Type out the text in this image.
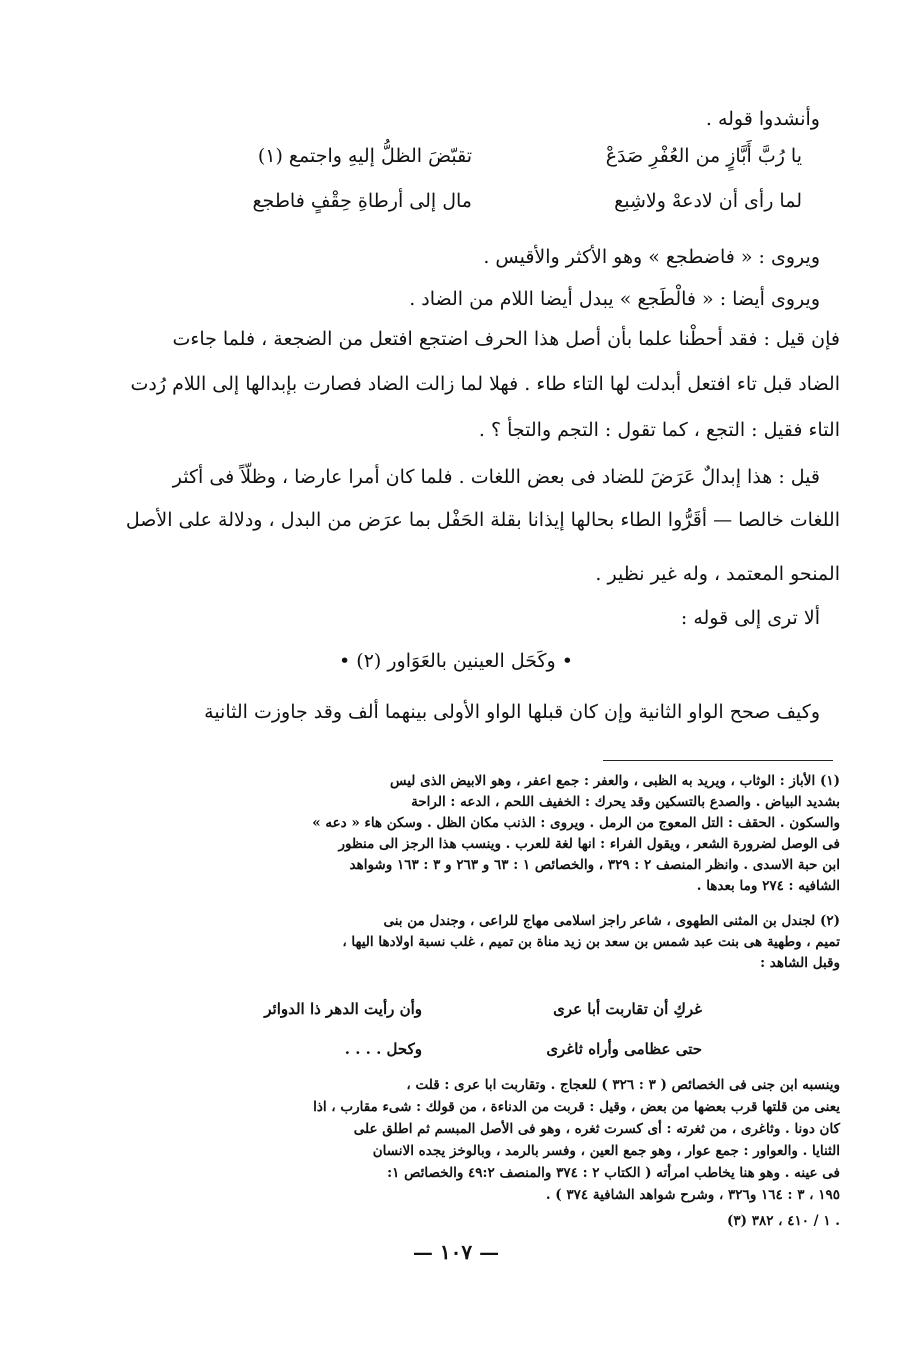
وأنشدوا قوله .
يا رُبَّ أَبَّازٍ من العُفْرِ صَدَعْ
تقبّضَ الظلُّ إليهِ واجتمع (١)
لما رأى أن لادعهْ ولاشِبع
مال إلى أرطاةِ حِقْفٍ فاطجع
ويروى : « فاضطجع » وهو الأكثر والأقيس .
ويروى أيضا : « فالْطَجع » يبدل أيضا اللام من الضاد .
فإن قيل : فقد أحطْنا علما بأن أصل هذا الحرف اضتجع افتعل من الضجعة ، فلما جاءت
الضاد قبل تاء افتعل أبدلت لها التاء طاء . فهلا لما زالت الضاد فصارت بإبدالها إلى اللام رُدت
التاء فقيل : التجع ، كما تقول : التجم والتجأ ؟ .
قيل : هذا إبدالٌ عَرَضَ للضاد فى بعض اللغات . فلما كان أمرا عارضا ، وظلّاً فى أكثر
اللغات خالصا — أقَرُّوا الطاء بحالها إيذانا بقلة الحَفْل بما عرَض من البدل ، ودلالة على الأصل
المنحو المعتمد ، وله غير نظير .
ألا ترى إلى قوله :
• وكَحَل العينين بالعَوَاور (٢) •
وكيف صحح الواو الثانية وإن كان قبلها الواو الأولى بينهما ألف وقد جاوزت الثانية
(١) الأباز : الوثاب ، ويريد به الظبى ، والعفر : جمع اعفر ، وهو الابيض الذى ليس
بشديد البياض . والصدع بالتسكين وقد يحرك : الخفيف اللحم ، الدعه : الراحة
والسكون . الحقف : التل المعوج من الرمل . ويروى : الذنب مكان الظل . وسكن هاء « دعه »
فى الوصل لضرورة الشعر ، ويقول الفراء : انها لغة للعرب . وينسب هذا الرجز الى منظور
ابن حبة الاسدى . وانظر المنصف ٢ : ٣٢٩ ، والخصائص ١ : ٦٣ و ٢٦٣ و ٣ : ١٦٣ وشواهد
الشافيه : ٢٧٤ وما بعدها .
(٢) لجندل بن المثنى الطهوى ، شاعر راجز اسلامى مهاج للراعى ، وجندل من بنى
تميم ، وطهية هى بنت عبد شمس بن سعد بن زيد مناة بن تميم ، غلب نسبة اولادها اليها ،
وقبل الشاهد :
غركِ أن تقاربت أبا عرى
وأن رأيت الدهر ذا الدوائر
حتى عظامى وأراه ثاغرى
وكحل . . . .
وينسبه ابن جنى فى الخصائص ( ٣ : ٣٢٦ ) للعجاج . وتقاربت ابا عرى : قلت ،
يعنى من قلتها قرب بعضها من بعض ، وقيل : قربت من الدناءة ، من قولك : شىء مقارب ، اذا
كان دونا . وثاغرى ، من ثغرته : أى كسرت ثغره ، وهو فى الأصل المبسم ثم اطلق على
الثنايا . والعواور : جمع عوار ، وهو جمع العين ، وفسر بالرمد ، وبالوخز يجده الانسان
فى عينه . وهو هنا يخاطب امرأته ( الكتاب ٢ : ٣٧٤ والمنصف ٤٩:٢ والخصائص ١:
١٩٥ ، ٣ : ١٦٤ و٣٢٦ ، وشرح شواهد الشافية ٣٧٤ ) .
(٣) ١ / ٤١٠ ، ٣٨٢ .
— ١٠٧ —
